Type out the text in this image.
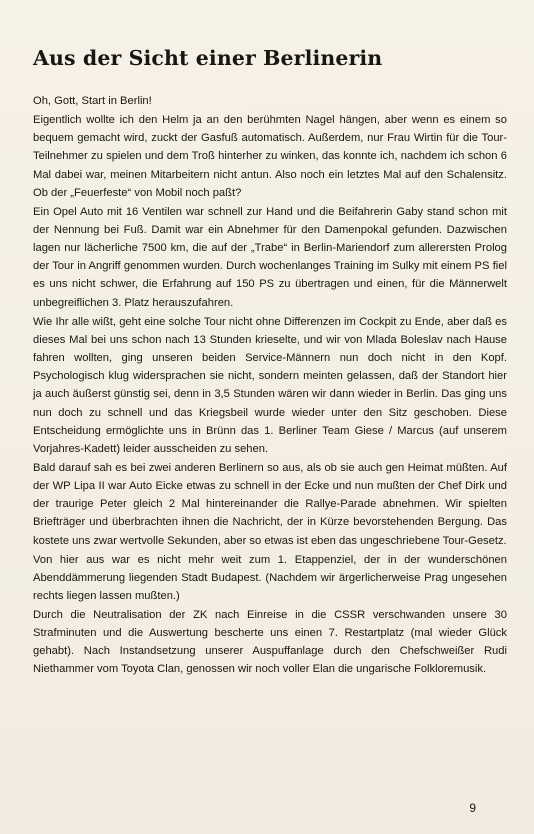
Aus der Sicht einer Berlinerin

Oh, Gott, Start in Berlin!

Eigentlich wollte ich den Helm ja an den berühmten Nagel hängen, aber wenn es einem so bequem gemacht wird, zuckt der Gasfuß automatisch. Außerdem, nur Frau Wirtin für die Tour-Teilnehmer zu spielen und dem Troß hinterher zu winken, das konnte ich, nachdem ich schon 6 Mal dabei war, meinen Mitarbeitern nicht antun. Also noch ein letztes Mal auf den Schalensitz. Ob der „Feuerfeste“ von Mobil noch paßt?

Ein Opel Auto mit 16 Ventilen war schnell zur Hand und die Beifahrerin Gaby stand schon mit der Nennung bei Fuß. Damit war ein Abnehmer für den Damenpokal gefunden. Dazwischen lagen nur lächerliche 7500 km, die auf der „Trabe“ in Berlin-Mariendorf zum allerersten Prolog der Tour in Angriff genommen wurden. Durch wochenlanges Training im Sulky mit einem PS fiel es uns nicht schwer, die Erfahrung auf 150 PS zu übertragen und einen, für die Männerwelt unbegreiflichen 3. Platz herauszufahren.

Wie Ihr alle wißt, geht eine solche Tour nicht ohne Differenzen im Cockpit zu Ende, aber daß es dieses Mal bei uns schon nach 13 Stunden krieselte, und wir von Mlada Boleslav nach Hause fahren wollten, ging unseren beiden Service-Männern nun doch nicht in den Kopf. Psychologisch klug widersprachen sie nicht, sondern meinten gelassen, daß der Standort hier ja auch äußerst günstig sei, denn in 3,5 Stunden wären wir dann wieder in Berlin. Das ging uns nun doch zu schnell und das Kriegsbeil wurde wieder unter den Sitz geschoben. Diese Entscheidung ermöglichte uns in Brünn das 1. Berliner Team Giese / Marcus (auf unserem Vorjahres-Kadett) leider ausscheiden zu sehen.

Bald darauf sah es bei zwei anderen Berlinern so aus, als ob sie auch gen Heimat müßten. Auf der WP Lipa II war Auto Eicke etwas zu schnell in der Ecke und nun mußten der Chef Dirk und der traurige Peter gleich 2 Mal hintereinander die Rallye-Parade abnehmen. Wir spielten Briefträger und überbrachten ihnen die Nachricht, der in Kürze bevorstehenden Bergung. Das kostete uns zwar wertvolle Sekunden, aber so etwas ist eben das ungeschriebene Tour-Gesetz.

Von hier aus war es nicht mehr weit zum 1. Etappenziel, der in der wunderschönen Abenddämmerung liegenden Stadt Budapest. (Nachdem wir ärgerlicherweise Prag ungesehen rechts liegen lassen mußten.)

Durch die Neutralisation der ZK nach Einreise in die CSSR verschwanden unsere 30 Strafminuten und die Auswertung bescherte uns einen 7. Restartplatz (mal wieder Glück gehabt). Nach Instandsetzung unserer Auspuffanlage durch den Chefschweißer Rudi Niethammer vom Toyota Clan, genossen wir noch voller Elan die ungarische Folkloremusik.

9
